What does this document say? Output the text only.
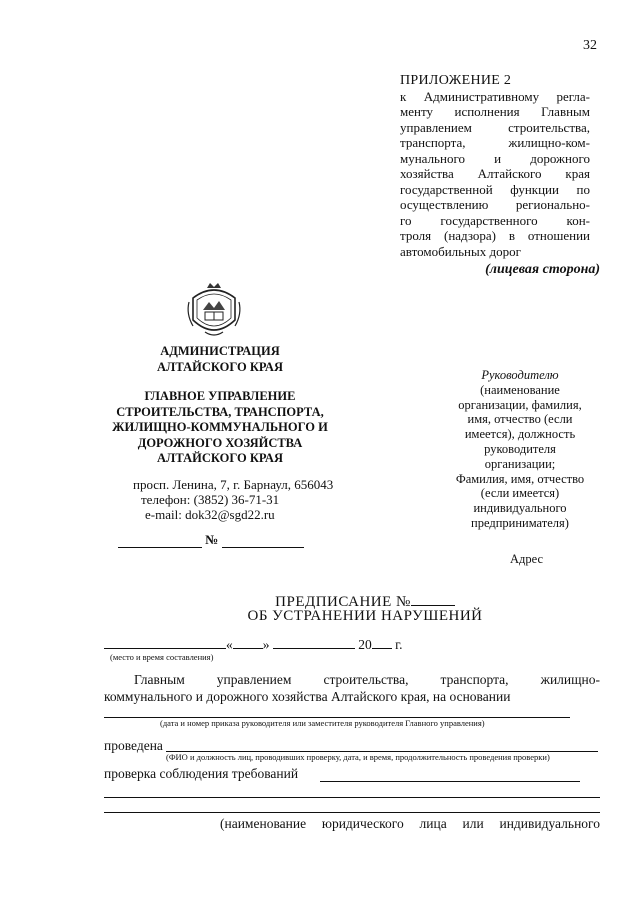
32
ПРИЛОЖЕНИЕ 2
к Административному регла-
менту исполнения Главным
управлением строительства,
транспорта, жилищно-ком-
мунального и дорожного
хозяйства Алтайского края
государственной функции по
осуществлению регионально-
го государственного кон-
троля (надзора) в отношении
автомобильных дорог
(лицевая сторона)
АДМИНИСТРАЦИЯ
АЛТАЙСКОГО КРАЯ
ГЛАВНОЕ УПРАВЛЕНИЕ
СТРОИТЕЛЬСТВА, ТРАНСПОРТА,
ЖИЛИЩНО-КОММУНАЛЬНОГО И
ДОРОЖНОГО ХОЗЯЙСТВА
АЛТАЙСКОГО КРАЯ
просп. Ленина, 7, г. Барнаул, 656043
телефон: (3852) 36-71-31
e-mail: dok32@sgd22.ru
№
Руководителю
(наименование
организации, фамилия,
имя, отчество (если
имеется), должность
руководителя
организации;
Фамилия, имя, отчество
(если имеется)
индивидуального
предпринимателя)
Адрес
ПРЕДПИСАНИЕ №
ОБ УСТРАНЕНИИ НАРУШЕНИЙ
« »	20 г.
(место и время составления)
Главным управлением строительства, транспорта, жилищно-
коммунального и дорожного хозяйства Алтайского края, на основании
(дата и номер приказа руководителя или заместителя руководителя Главного управления)
проведена
(ФИО и должность лиц, проводивших проверку, дата, и время, продолжительность проведения проверки)
проверка соблюдения требований
(наименование юридического лица или индивидуального
